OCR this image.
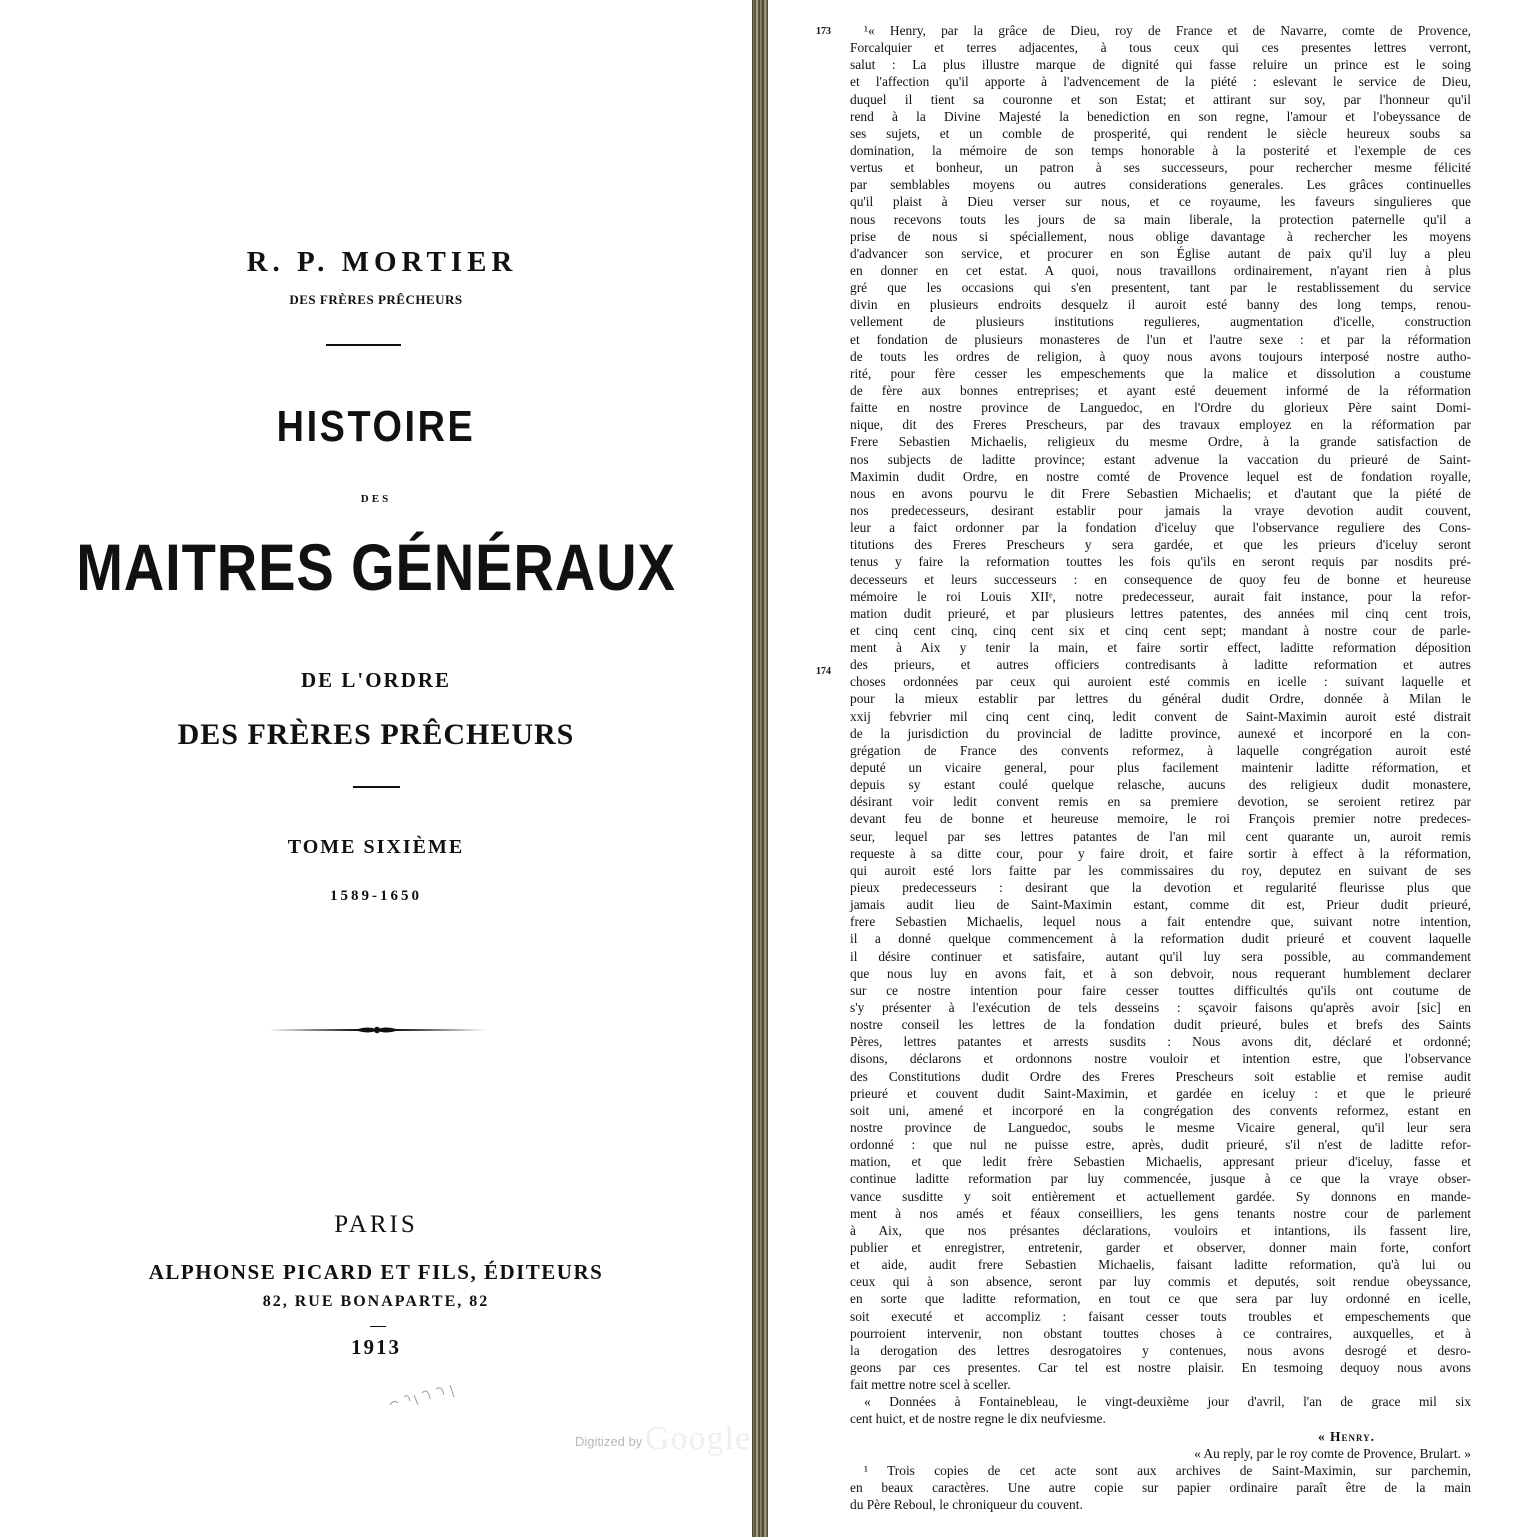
R. P. MORTIER

DES FRÈRES PRÊCHEURS

HISTOIRE

DES

MAITRES GÉNÉRAUX

DE L'ORDRE

DES FRÈRES PRÊCHEURS

TOME SIXIÈME

1589-1650

PARIS

ALPHONSE PICARD ET FILS, ÉDITEURS

82, RUE BONAPARTE, 82

1913

Google
Digitized by
173
174
¹« Henry, par la grâce de Dieu, roy de France et de Navarre, comte de Provence,
Forcalquier et terres adjacentes, à tous ceux qui ces presentes lettres verront,
salut : La plus illustre marque de dignité qui fasse reluire un prince est le soing
et l'affection qu'il apporte à l'advencement de la piété : eslevant le service de Dieu,
duquel il tient sa couronne et son Estat; et attirant sur soy, par l'honneur qu'il
rend à la Divine Majesté la benediction en son regne, l'amour et l'obeyssance de
ses sujets, et un comble de prosperité, qui rendent le siècle heureux soubs sa
domination, la mémoire de son temps honorable à la posterité et l'exemple de ces
vertus et bonheur, un patron à ses successeurs, pour rechercher mesme félicité
par semblables moyens ou autres considerations generales. Les grâces continuelles
qu'il plaist à Dieu verser sur nous, et ce royaume, les faveurs singulieres que
nous recevons touts les jours de sa main liberale, la protection paternelle qu'il a
prise de nous si spéciallement, nous oblige davantage à rechercher les moyens
d'advancer son service, et procurer en son Église autant de paix qu'il luy a pleu
en donner en cet estat. A quoi, nous travaillons ordinairement, n'ayant rien à plus
gré que les occasions qui s'en presentent, tant par le restablissement du service
divin en plusieurs endroits desquelz il auroit esté banny des long temps, renou-
vellement de plusieurs institutions regulieres, augmentation d'icelle, construction
et fondation de plusieurs monasteres de l'un et l'autre sexe : et par la réformation
de touts les ordres de religion, à quoy nous avons toujours interposé nostre authо-
rité, pour fère cesser les empeschements que la malice et dissolution a coustume
de fère aux bonnes entreprises; et ayant esté deuement informé de la réformation
faitte en nostre province de Languedoc, en l'Ordre du glorieux Père saint Domi-
nique, dit des Freres Prescheurs, par des travaux employez en la réformation par
Frere Sebastien Michaelis, religieux du mesme Ordre, à la grande satisfaction de
nos subjects de laditte province; estant advenue la vaccation du prieuré de Saint-
Maximin dudit Ordre, en nostre comté de Provence lequel est de fondation royalle,
nous en avons pourvu le dit Frere Sebastien Michaelis; et d'autant que la piété de
nos predecesseurs, desirant establir pour jamais la vraye devotion audit couvent,
leur a faict ordonner par la fondation d'iceluy que l'observance reguliere des Cons-
titutions des Freres Prescheurs y sera gardée, et que les prieurs d'iceluy seront
tenus y faire la reformation touttes les fois qu'ils en seront requis par nosdits pré-
decesseurs et leurs successeurs : en consequence de quoy feu de bonne et heureuse
mémoire le roi Louis XIIᵉ, notre predecesseur, aurait fait instance, pour la refor-
mation dudit prieuré, et par plusieurs lettres patentes, des années mil cinq cent trois,
et cinq cent cinq, cinq cent six et cinq cent sept; mandant à nostre cour de parle-
ment à Aix y tenir la main, et faire sortir effect, laditte reformation déposition
des prieurs, et autres officiers contredisants à laditte reformation et autres
choses ordonnées par ceux qui auroient esté commis en icelle : suivant laquelle et
pour la mieux establir par lettres du général dudit Ordre, donnée à Milan le
xxij febvrier mil cinq cent cinq, ledit convent de Saint-Maximin auroit esté distrait
de la jurisdiction du provincial de laditte province, aunexé et incorporé en la con-
grégation de France des convents reformez, à laquelle congrégation auroit esté
deputé un vicaire general, pour plus facilement maintenir laditte réformation, et
depuis sy estant coulé quelque relasche, aucuns des religieux dudit monastere,
désirant voir ledit convent remis en sa premiere devotion, se seroient retirez par
devant feu de bonne et heureuse memoire, le roi François premier notre predeces-
seur, lequel par ses lettres patantes de l'an mil cent quarante un, auroit remis
requeste à sa ditte cour, pour y faire droit, et faire sortir à effect à la réformation,
qui auroit esté lors faitte par les commissaires du roy, deputez en suivant de ses
pieux predecesseurs : desirant que la devotion et regularité fleurisse plus que
jamais audit lieu de Saint-Maximin estant, comme dit est, Prieur dudit prieuré,
frere Sebastien Michaelis, lequel nous a fait entendre que, suivant notre intention,
il a donné quelque commencement à la reformation dudit prieuré et couvent laquelle
il désire continuer et satisfaire, autant qu'il luy sera possible, au commandement
que nous luy en avons fait, et à son debvoir, nous requerant humblement declarer
sur ce nostre intention pour faire cesser touttes difficultés qu'ils ont coutume de
s'y présenter à l'exécution de tels desseins : sçavoir faisons qu'après avoir [sic] en
nostre conseil les lettres de la fondation dudit prieuré, bules et brefs des Saints
Pères, lettres patantes et arrests susdits : Nous avons dit, déclaré et ordonné;
disons, déclarons et ordonnons nostre vouloir et intention estre, que l'observance
des Constitutions dudit Ordre des Freres Prescheurs soit establie et remise audit
prieuré et couvent dudit Saint-Maximin, et gardée en iceluy : et que le prieuré
soit uni, amené et incorporé en la congrégation des convents reformez, estant en
nostre province de Languedoc, soubs le mesme Vicaire general, qu'il leur sera
ordonné : que nul ne puisse estre, après, dudit prieuré, s'il n'est de laditte refor-
mation, et que ledit frère Sebastien Michaelis, appresant prieur d'iceluy, fasse et
continue laditte reformation par luy commencée, jusque à ce que la vraye obser-
vance susditte y soit entièrement et actuellement gardée. Sy donnons en mande-
ment à nos amés et féaux conseilliers, les gens tenants nostre cour de parlement
à Aix, que nos présantes déclarations, vouloirs et intantions, ils fassent lire,
publier et enregistrer, entretenir, garder et observer, donner main forte, confort
et aide, audit frere Sebastien Michaelis, faisant laditte reformation, qu'à lui ou
ceux qui à son absence, seront par luy commis et deputés, soit rendue obeyssance,
en sorte que laditte reformation, en tout ce que sera par luy ordonné en icelle,
soit executé et accompliz : faisant cesser touts troubles et empeschements que
pourroient intervenir, non obstant touttes choses à ce contraires, auxquelles, et à
la derogation des lettres desrogatoires y contenues, nous avons desrogé et desro-
geons par ces presentes. Car tel est nostre plaisir. En tesmoing dequoy nous avons
fait mettre notre scel à sceller.
« Données à Fontainebleau, le vingt-deuxième jour d'avril, l'an de grace mil six
cent huict, et de nostre regne le dix neufviesme.
« Henry.
« Au reply, par le roy comte de Provence, Brulart. »
¹ Trois copies de cet acte sont aux archives de Saint-Maximin, sur parchemin,
en beaux caractères. Une autre copie sur papier ordinaire paraît être de la main
du Père Reboul, le chroniqueur du couvent.
